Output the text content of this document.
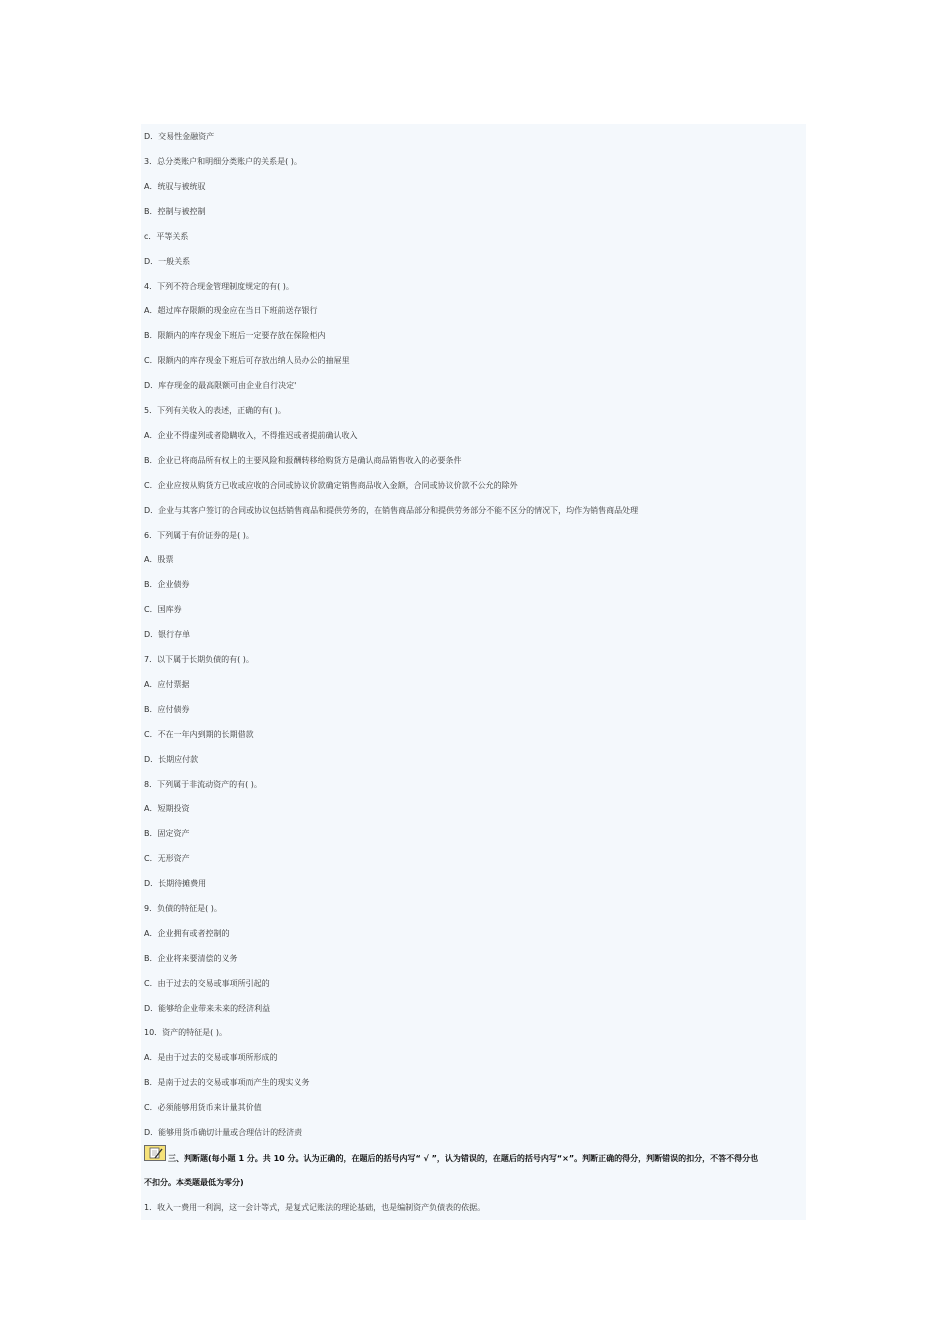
D．交易性金融资产
3．总分类账户和明细分类账户的关系是( )。
A．统驭与被统驭
B．控制与被控制
c．平等关系
D．一般关系
4．下列不符合现金管理制度规定的有( )。
A．超过库存限额的现金应在当日下班前送存银行
B．限额内的库存现金下班后一定要存放在保险柜内
C．限额内的库存现金下班后可存放出纳人员办公的抽屉里
D．库存现金的最高限额可由企业自行决定'
5．下列有关收入的表述，正确的有( )。
A．企业不得虚列或者隐瞒收入，不得推迟或者提前确认收入
B．企业已将商品所有权上的主要风险和报酬转移给购货方是确认商品销售收入的必要条件
C．企业应按从购货方已收或应收的合同或协议价款确定销售商品收入金额，合同或协议价款不公允的除外
D．企业与其客户签订的合同或协议包括销售商品和提供劳务的，在销售商品部分和提供劳务部分不能不区分的情况下，均作为销售商品处理
6．下列属于有价证券的是( )。
A．股票
B．企业债券
C．国库券
D．银行存单
7．以下属于长期负债的有( )。
A．应付票据
B．应付债券
C．不在一年内到期的长期借款
D．长期应付款
8．下列属于非流动资产的有( )。
A．短期投资
B．固定资产
C．无形资产
D．长期待摊费用
9．负债的特征是( )。
A．企业拥有或者控制的
B．企业将来要清偿的义务
C．由于过去的交易或事项所引起的
D．能够给企业带来未来的经济利益
10．资产的特征是( )。
A．是由于过去的交易或事项所形成的
B．是南于过去的交易或事项而产生的现实义务
C．必须能够用货币来计量其价值
D．能够用货币确切计量或合理估计的经济责
三、判断题(每小题 1 分。共 10 分。认为正确的，在题后的括号内写“ √ ”，认为错误的，在题后的括号内写“×”。判断正确的得分，判断错误的扣分，不答不得分也
不扣分。本类题最低为零分)
1．收入一费用一利润，这一会计等式，是复式记账法的理论基础，也是编制资产负债表的依据。
